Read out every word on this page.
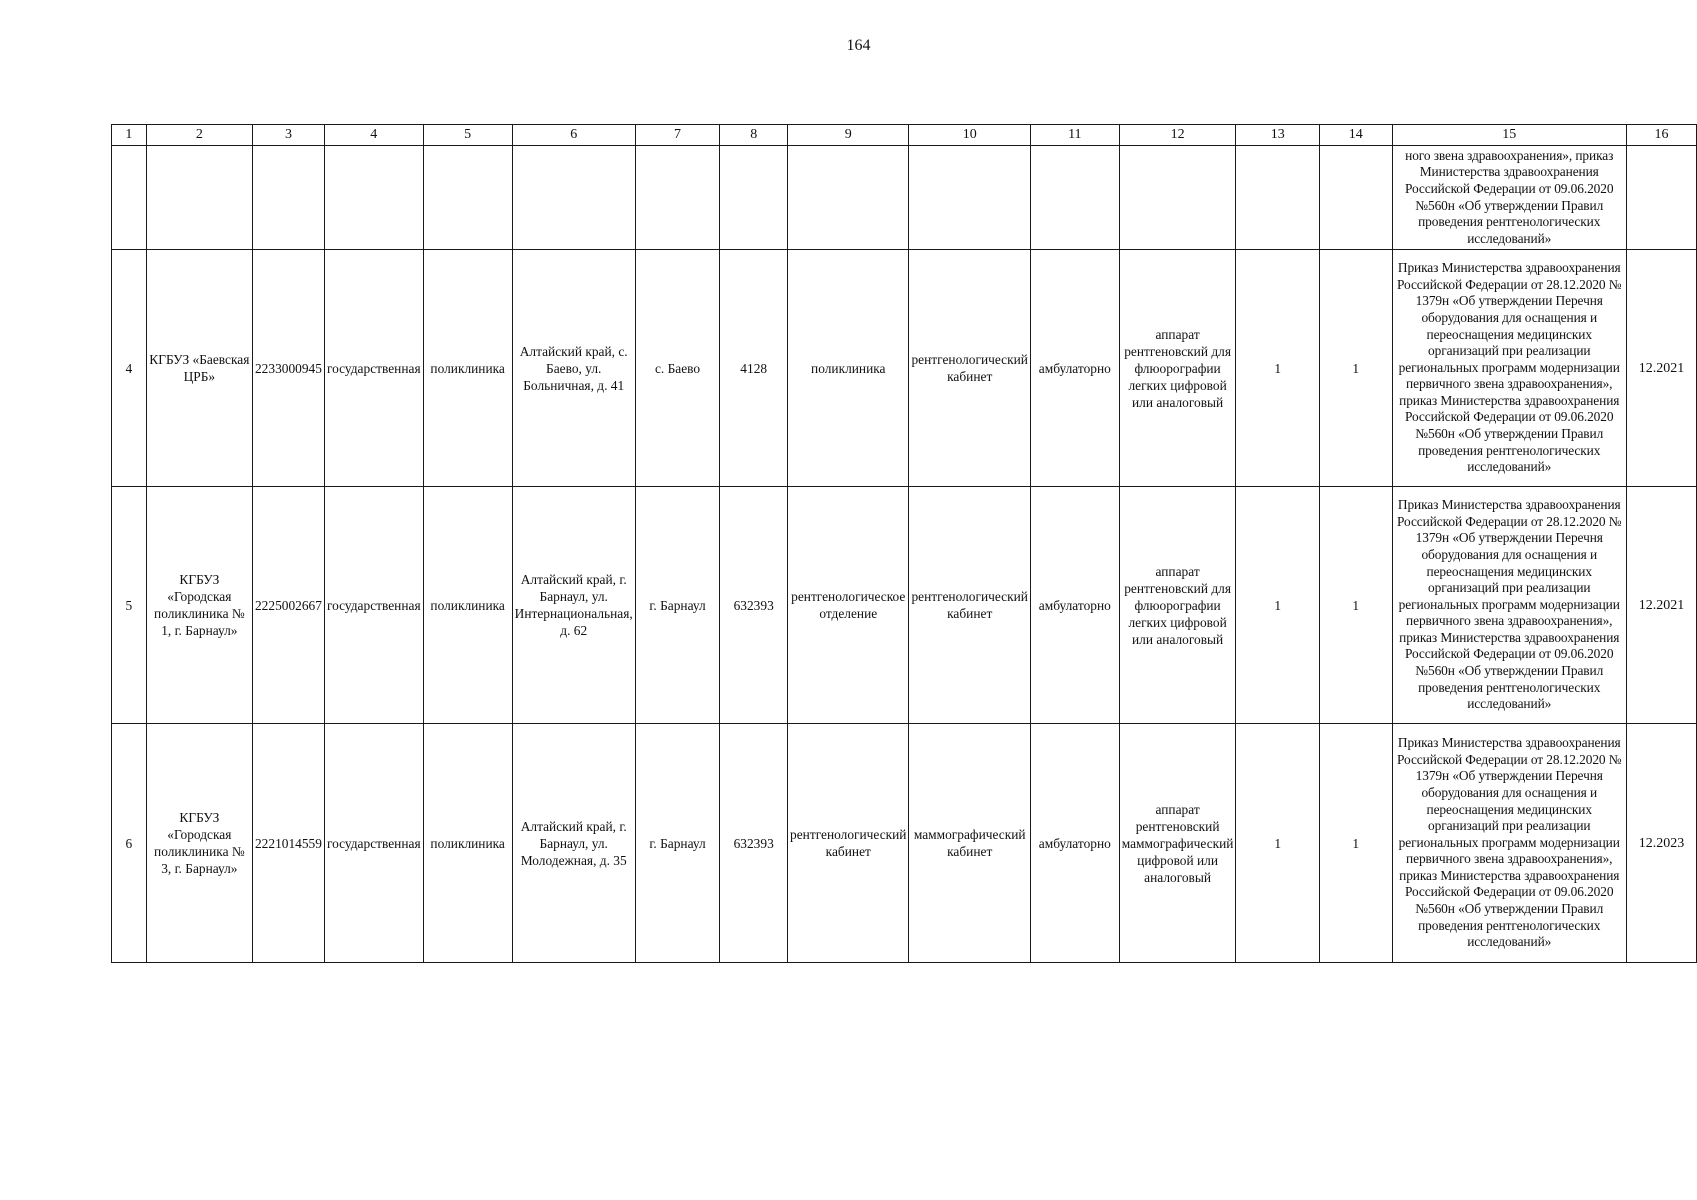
164
1	2	3	4	5	6	7	8	9	10	11	12	13	14	15	16
														ного звена здравоохранения», приказ Министерства здравоохранения Российской Федерации от 09.06.2020 №560н «Об утверждении Правил проведения рентгенологических исследований»	
4	КГБУЗ «Баевская ЦРБ»	2233000945	государственная	поликлиника	Алтайский край, с. Баево, ул. Больничная, д. 41	с. Баево	4128	поликлиника	рентгенологический кабинет	амбулаторно	аппарат рентгеновский для флюорографии легких цифровой или аналоговый	1	1	Приказ Министерства здравоохранения Российской Федерации от 28.12.2020 № 1379н «Об утверждении Перечня оборудования для оснащения и переоснащения медицинских организаций при реализации региональных программ модернизации первичного звена здравоохранения», приказ Министерства здравоохранения Российской Федерации от 09.06.2020 №560н «Об утверждении Правил проведения рентгенологических исследований»	12.2021
5	КГБУЗ «Городская поликлиника № 1, г. Барнаул»	2225002667	государственная	поликлиника	Алтайский край, г. Барнаул, ул. Интернациональная, д. 62	г. Барнаул	632393	рентгенологическое отделение	рентгенологический кабинет	амбулаторно	аппарат рентгеновский для флюорографии легких цифровой или аналоговый	1	1	Приказ Министерства здравоохранения Российской Федерации от 28.12.2020 № 1379н «Об утверждении Перечня оборудования для оснащения и переоснащения медицинских организаций при реализации региональных программ модернизации первичного звена здравоохранения», приказ Министерства здравоохранения Российской Федерации от 09.06.2020 №560н «Об утверждении Правил проведения рентгенологических исследований»	12.2021
6	КГБУЗ «Городская поликлиника № 3, г. Барнаул»	2221014559	государственная	поликлиника	Алтайский край, г. Барнаул, ул. Молодежная, д. 35	г. Барнаул	632393	рентгенологический кабинет	маммографический кабинет	амбулаторно	аппарат рентгеновский маммографический цифровой или аналоговый	1	1	Приказ Министерства здравоохранения Российской Федерации от 28.12.2020 № 1379н «Об утверждении Перечня оборудования для оснащения и переоснащения медицинских организаций при реализации региональных программ модернизации первичного звена здравоохранения», приказ Министерства здравоохранения Российской Федерации от 09.06.2020 №560н «Об утверждении Правил проведения рентгенологических исследований»	12.2023
